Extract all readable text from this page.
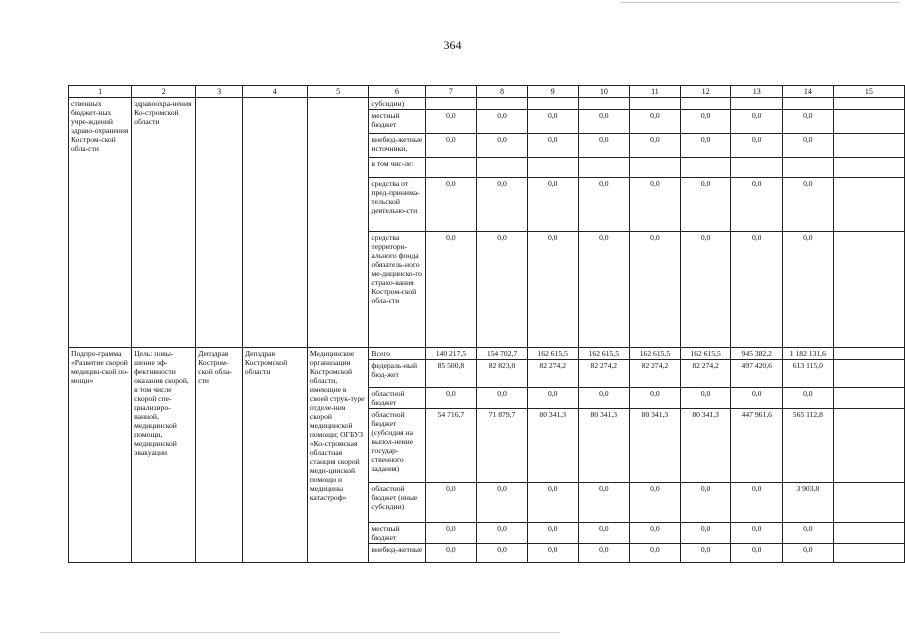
364
1	2	3	4	5	6	7	8	9	10	11	12	13	14	15
ственных бюджет-ных учре-ждений здраво-охранения Костром-ской обла-сти	здравоохра-нения Ко-стромской области				субсидии)									
					местный бюджет	0,0	0,0	0,0	0,0	0,0	0,0	0,0	0,0	
					внебюд-жетные источники,	0,0	0,0	0,0	0,0	0,0	0,0	0,0	0,0	
					в том чис-ле:									
					средства от пред-принима-тельской деятельно-сти	0,0	0,0	0,0	0,0	0,0	0,0	0,0	0,0	
					средства территори-ального фонда обязатель-ного ме-дицинско-го страхо-вания Костром-ской обла-сти	0,0	0,0	0,0	0,0	0,0	0,0	0,0	0,0	
Подпро-грамма «Развитие скорой медицин-ской по-мощи»	Цель: повы-шение эф-фективности оказания скорой, в том числе скорой спе-циализиро-ванной, медицинской помощи, медицинской эвакуации	Депздрав Костром-ской обла-сти	Депздрав Костромской области	Медицинские организации Костромской области, имеющие в своей струк-туре отделе-ния скорой медицинской помощи; ОГБУЗ «Ко-стромская областная станция скорой меди-цинской помощи и медицины катастроф»	Всего	140 217,5	154 702,7	162 615,5	162 615,5	162 615,5	162 615,5	945 382,2	1 182 131,6	
					федераль-ный бюд-жет	85 500,8	82 823,0	82 274,2	82 274,2	82 274,2	82 274,2	497 420,6	613 115,0	
					областной бюджет	0,0	0,0	0,0	0,0	0,0	0,0	0,0	0,0	
					областной бюджет (субсидия на выпол-нение государ-ственного задания)	54 716,7	71 879,7	80 341,3	80 341,3	80 341,3	80 341,3	447 961,6	565 112,8	
					областной бюджет (иные субсидии)	0,0	0,0	0,0	0,0	0,0	0,0	0,0	3 903,8	
					местный бюджет	0,0	0,0	0,0	0,0	0,0	0,0	0,0	0,0	
					внебюд-жетные	0,0	0,0	0,0	0,0	0,0	0,0	0,0	0,0	
